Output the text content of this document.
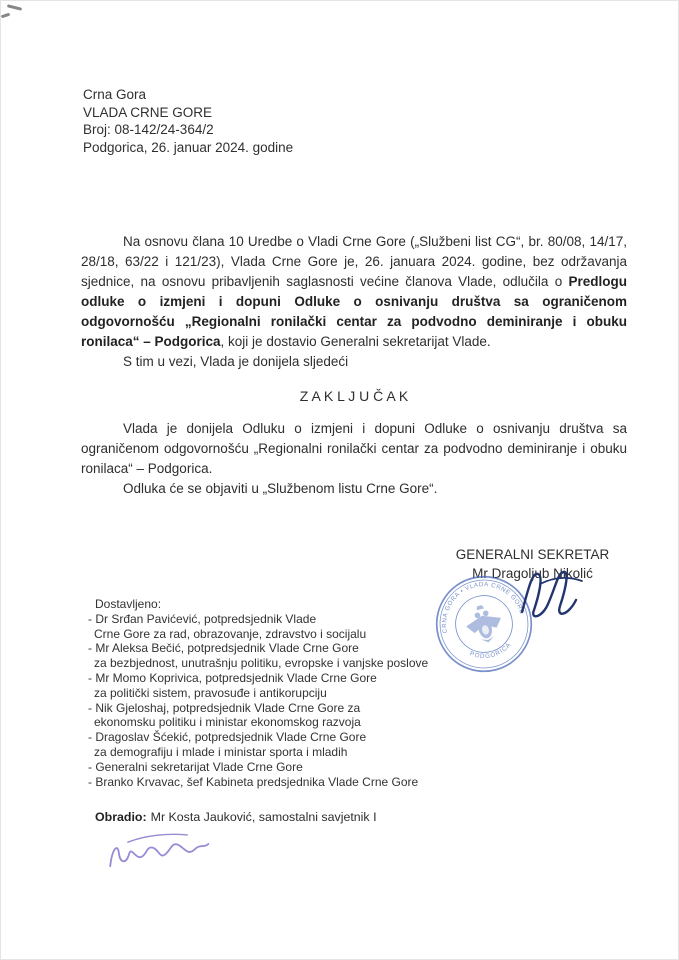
Crna Gora
VLADA CRNE GORE
Broj: 08-142/24-364/2
Podgorica, 26. januar 2024. godine

Na osnovu člana 10 Uredbe o Vladi Crne Gore („Službeni list CG“, br. 80/08, 14/17, 28/18, 63/22 i 121/23), Vlada Crne Gore je, 26. januara 2024. godine, bez održavanja sjednice, na osnovu pribavljenih saglasnosti većine članova Vlade, odlučila o Predlogu odluke o izmjeni i dopuni Odluke o osnivanju društva sa ograničenom odgovornošću „Regionalni ronilački centar za podvodno deminiranje i obuku ronilaca“ – Podgorica, koji je dostavio Generalni sekretarijat Vlade.

S tim u vezi, Vlada je donijela sljedeći

Z A K L J U Č A K

Vlada je donijela Odluku o izmjeni i dopuni Odluke o osnivanju društva sa ograničenom odgovornošću „Regionalni ronilački centar za podvodno deminiranje i obuku ronilaca“ – Podgorica.

Odluka će se objaviti u „Službenom listu Crne Gore“.

GENERALNI SEKRETAR
Mr Dragoljub Nikolić
Dostavljeno:
- Dr Srđan Pavićević, potpredsjednik Vlade
Crne Gore za rad, obrazovanje, zdravstvo i socijalu
- Mr Aleksa Bečić, potpredsjednik Vlade Crne Gore
za bezbjednost, unutrašnju politiku, evropske i vanjske poslove
- Mr Momo Koprivica, potpredsjednik Vlade Crne Gore
za politički sistem, pravosuđe i antikorupciju
- Nik Gjeloshaj, potpredsjednik Vlade Crne Gore za
ekonomsku politiku i ministar ekonomskog razvoja
- Dragoslav Šćekić, potpredsjednik Vlade Crne Gore
za demografiju i mlade i ministar sporta i mladih
- Generalni sekretarijat Vlade Crne Gore
- Branko Krvavac, šef Kabineta predsjednika Vlade Crne Gore
CRNA GORA • VLADA CRNE GORE
PODGORICA
Obradio: Mr Kosta Jauković, samostalni savjetnik I
